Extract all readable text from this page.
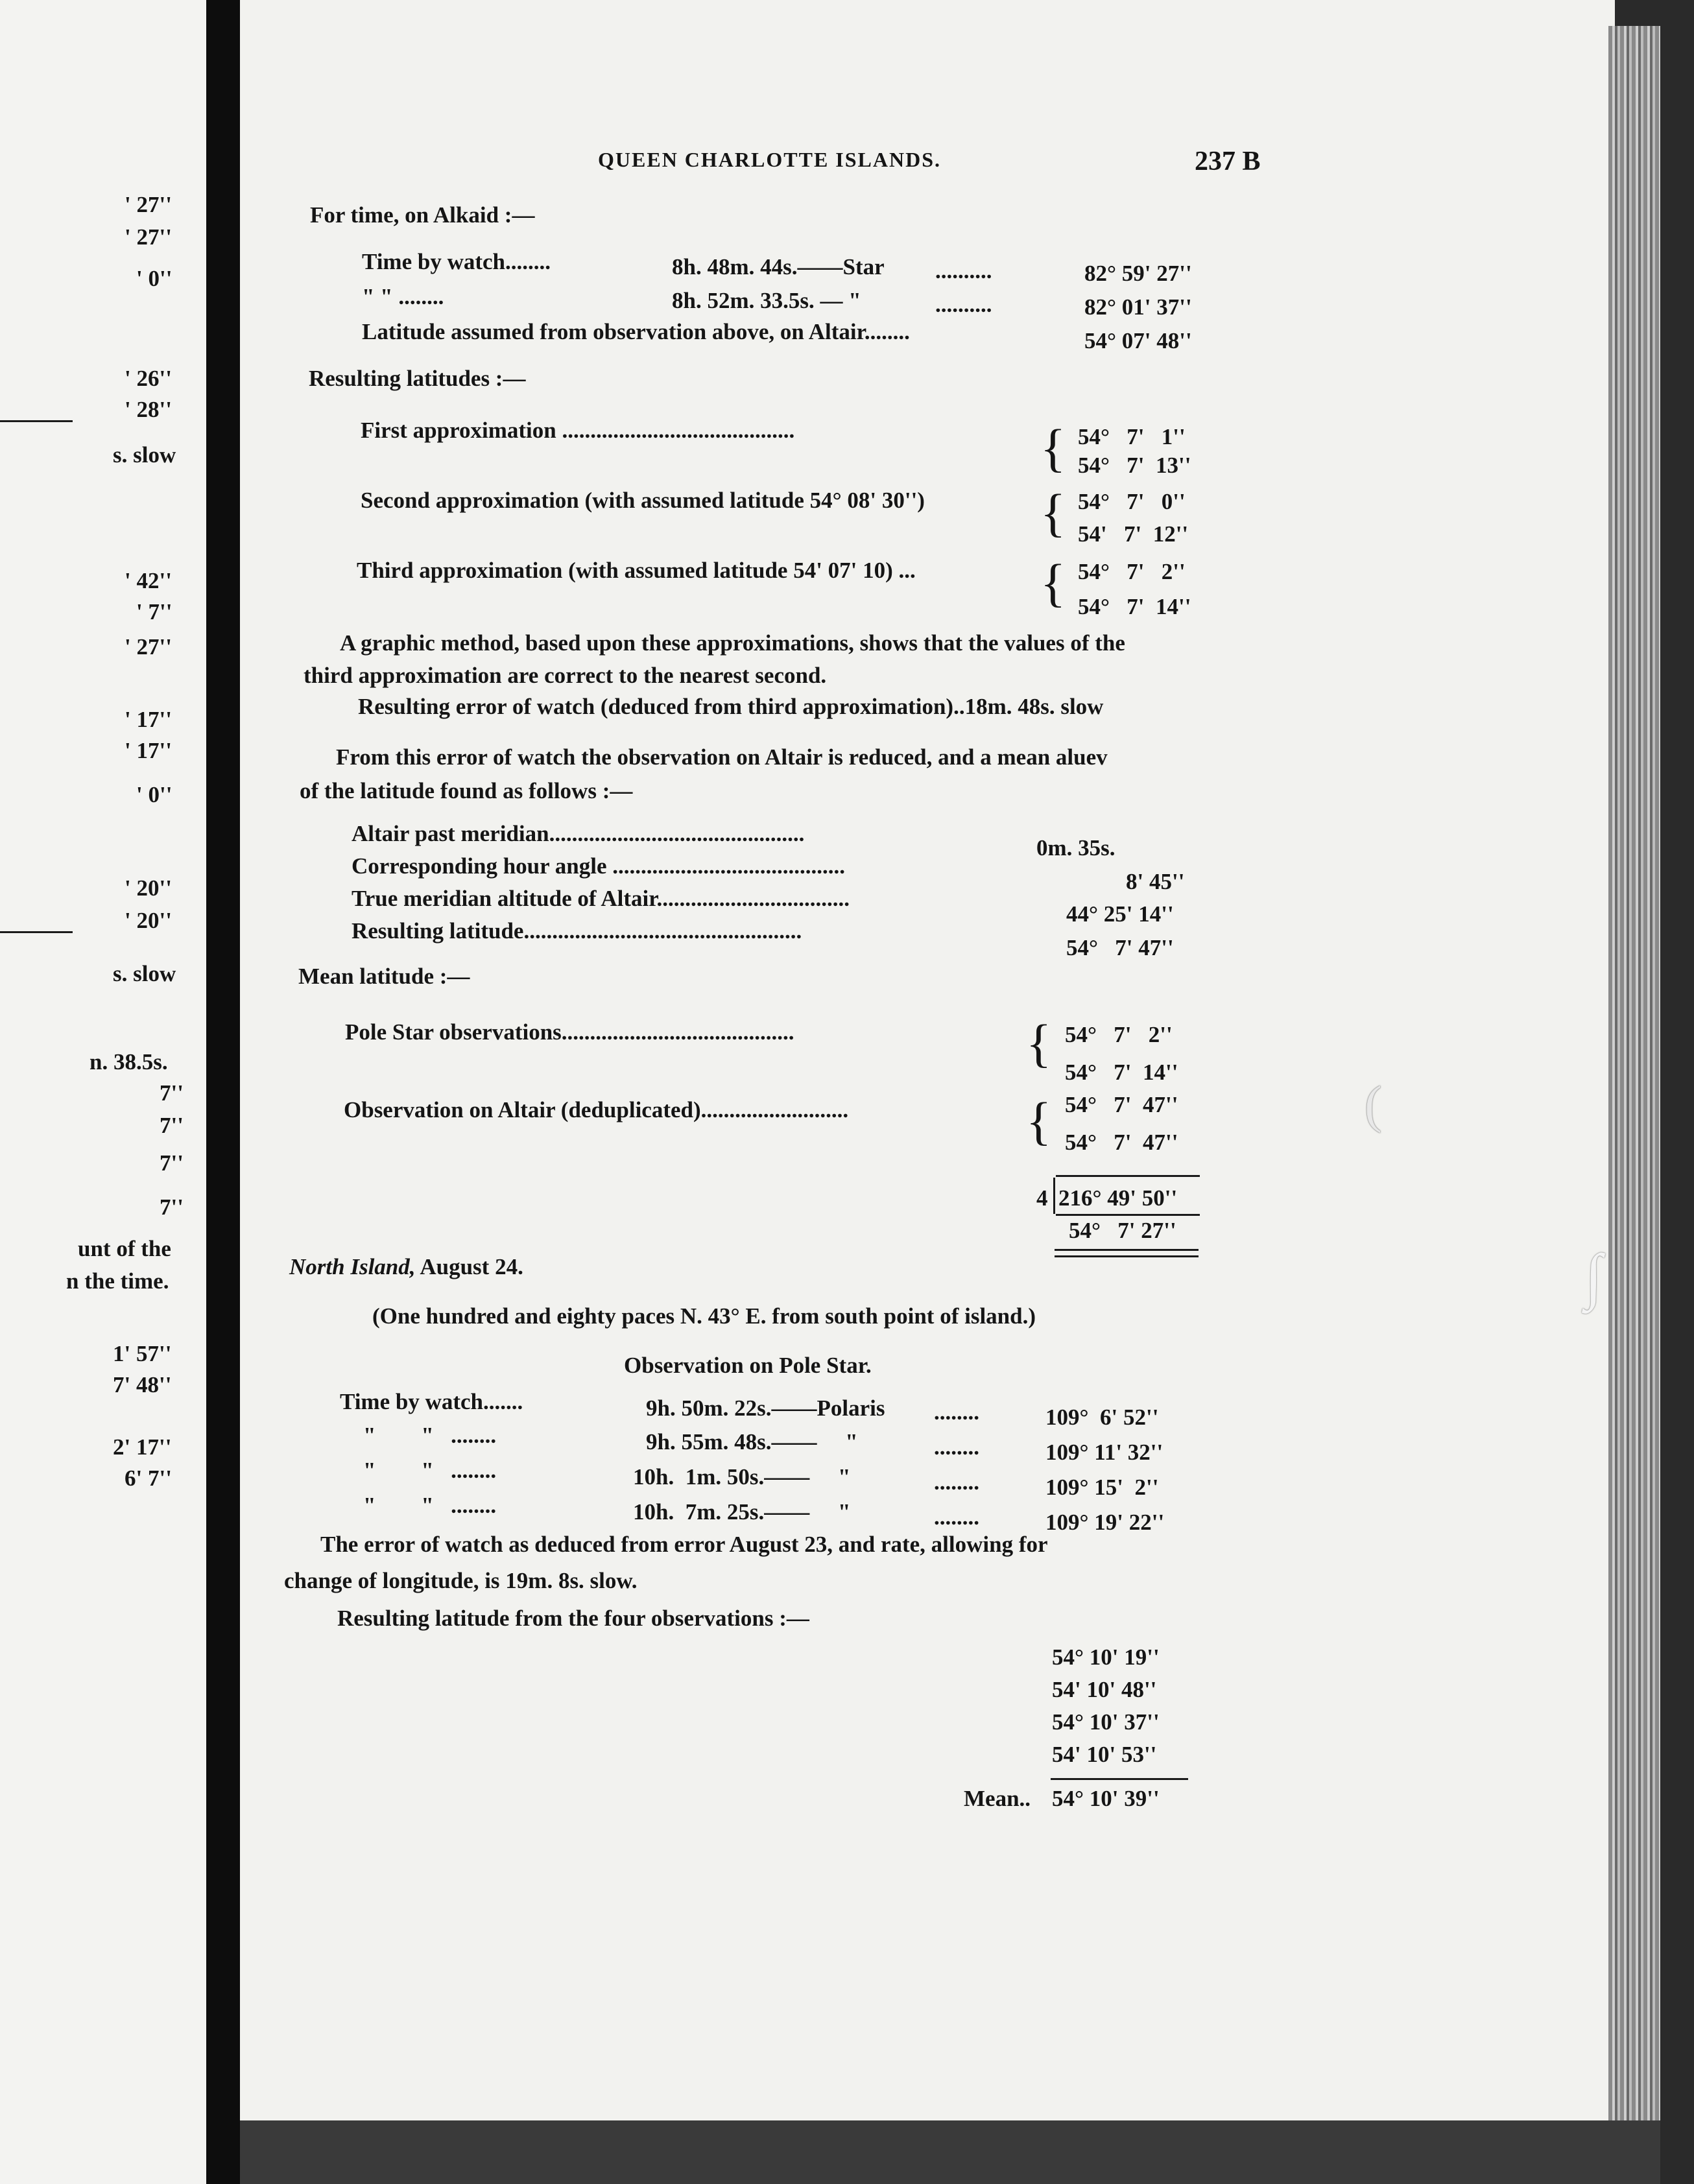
' 27''
' 27''
' 0''
' 26''
' 28''
s. slow
' 42''
' 7''
' 27''
' 17''
' 17''
' 0''
' 20''
' 20''
s. slow
n. 38.5s.
7''
7''
7''
7''
unt of the
n the time.
1' 57''
7' 48''
2' 17''
6' 7''
QUEEN CHARLOTTE ISLANDS.	237 B
For time, on Alkaid :—
Time by watch........	8h. 48m. 44s.——Star ..........	82° 59' 27''
" " ........	8h. 52m. 33.5s. — "	..........	82° 01' 37''
Latitude assumed from observation above, on Altair........	54° 07' 48''
Resulting latitudes :—
First approximation .........................................	{ 54°   7'   1''
54°   7'  13''
Second approximation (with assumed latitude 54° 08' 30'') { 54°   7'   0''
54'   7'  12''
Third approximation (with assumed latitude 54' 07' 10) ... { 54°   7'   2''
54°   7'  14''
A graphic method, based upon these approximations, shows that the values of the
third approximation are correct to the nearest second.
Resulting error of watch (deduced from third approximation)..18m. 48s. slow
From this error of watch the observation on Altair is reduced, and a mean aluev
of the latitude found as follows :—
Altair past meridian.............................................
0m. 35s.
Corresponding hour angle .........................................
8' 45''
True meridian altitude of Altair..................................
44° 25' 14''
Resulting latitude.................................................
54°   7' 47''
Mean latitude :—
Pole Star observations.........................................	{ 54°   7'   2''
54°   7'  14''
Observation on Altair (deduplicated)..........................	{ 54°   7'  47''
54°   7'  47''
4 216° 49' 50''
54°   7' 27''
North Island, August 24.
(One hundred and eighty paces N. 43° E. from south point of island.)
Observation on Pole Star.
Time by watch.......	9h. 50m. 22s.——Polaris ........	109°  6' 52''
"        "   ........	9h. 55m. 48s.——     "	........	109° 11' 32''
"        "   ........	10h.  1m. 50s.——     "	........	109° 15'  2''
"        "   ........	10h.  7m. 25s.——     "	........	109° 19' 22''
The error of watch as deduced from error August 23, and rate, allowing for
change of longitude, is 19m. 8s. slow.
Resulting latitude from the four observations :—
54° 10' 19''
54' 10' 48''
54° 10' 37''
54' 10' 53''
Mean.. 54° 10' 39''
(
∫
